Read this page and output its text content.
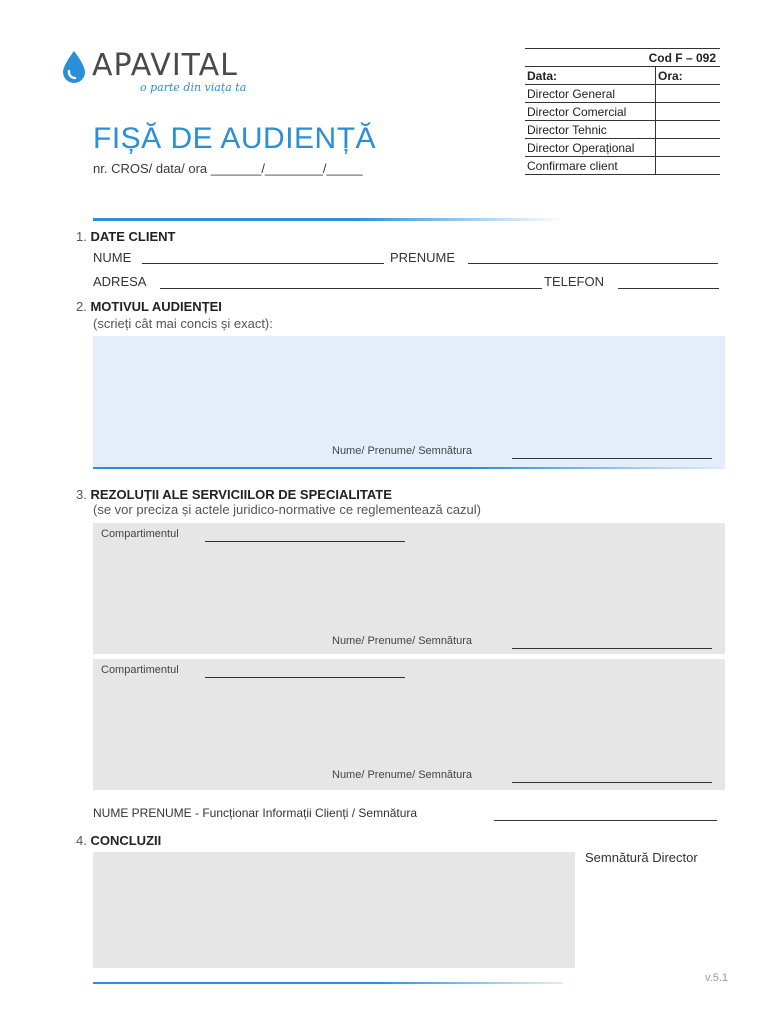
APAVITAL
o parte din viața ta
Cod F – 092	
Data:	Ora:
Director General	
Director Comercial	
Director Tehnic	
Director Operațional	
Confirmare client	
FIȘĂ DE AUDIENȚĂ
nr. CROS/ data/ ora _______/________/_____
1. DATE CLIENT
NUME	PRENUME
ADRESA	TELEFON
2. MOTIVUL AUDIENȚEI
(scrieți cât mai concis și exact):
Nume/ Prenume/ Semnătura
3. REZOLUȚII ALE SERVICIILOR DE SPECIALITATE
(se vor preciza și actele juridico-normative ce reglementează cazul)
Compartimentul
Nume/ Prenume/ Semnătura
Compartimentul
Nume/ Prenume/ Semnătura
NUME PRENUME - Funcționar Informații Clienți / Semnătura
4. CONCLUZII
Semnătură Director
v.5.1
